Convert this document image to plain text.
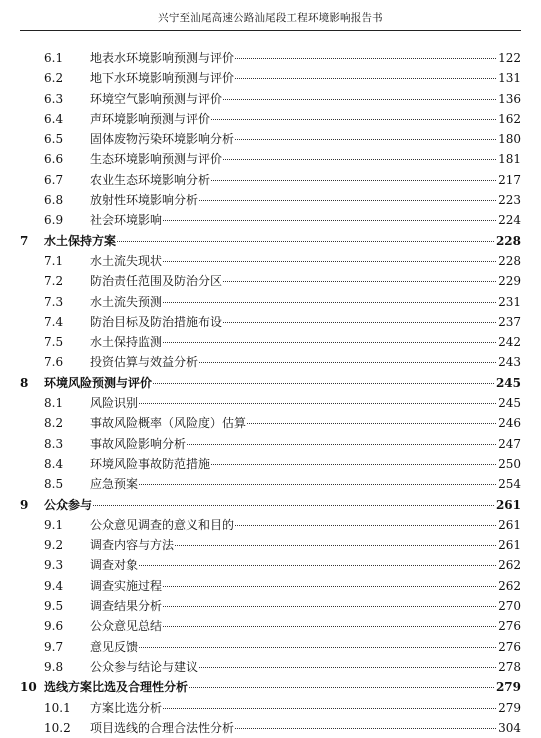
兴宁至汕尾高速公路汕尾段工程环境影响报告书
6.1	地表水环境影响预测与评价	122
6.2	地下水环境影响预测与评价	131
6.3	环境空气影响预测与评价	136
6.4	声环境影响预测与评价	162
6.5	固体废物污染环境影响分析	180
6.6	生态环境影响预测与评价	181
6.7	农业生态环境影响分析	217
6.8	放射性环境影响分析	223
6.9	社会环境影响	224
7	水土保持方案	228
7.1	水土流失现状	228
7.2	防治责任范围及防治分区	229
7.3	水土流失预测	231
7.4	防治目标及防治措施布设	237
7.5	水土保持监测	242
7.6	投资估算与效益分析	243
8	环境风险预测与评价	245
8.1	风险识别	245
8.2	事故风险概率（风险度）估算	246
8.3	事故风险影响分析	247
8.4	环境风险事故防范措施	250
8.5	应急预案	254
9	公众参与	261
9.1	公众意见调查的意义和目的	261
9.2	调查内容与方法	261
9.3	调查对象	262
9.4	调查实施过程	262
9.5	调查结果分析	270
9.6	公众意见总结	276
9.7	意见反馈	276
9.8	公众参与结论与建议	278
10 选线方案比选及合理性分析	279
10.1	方案比选分析	279
10.2	项目选线的合理合法性分析	304
